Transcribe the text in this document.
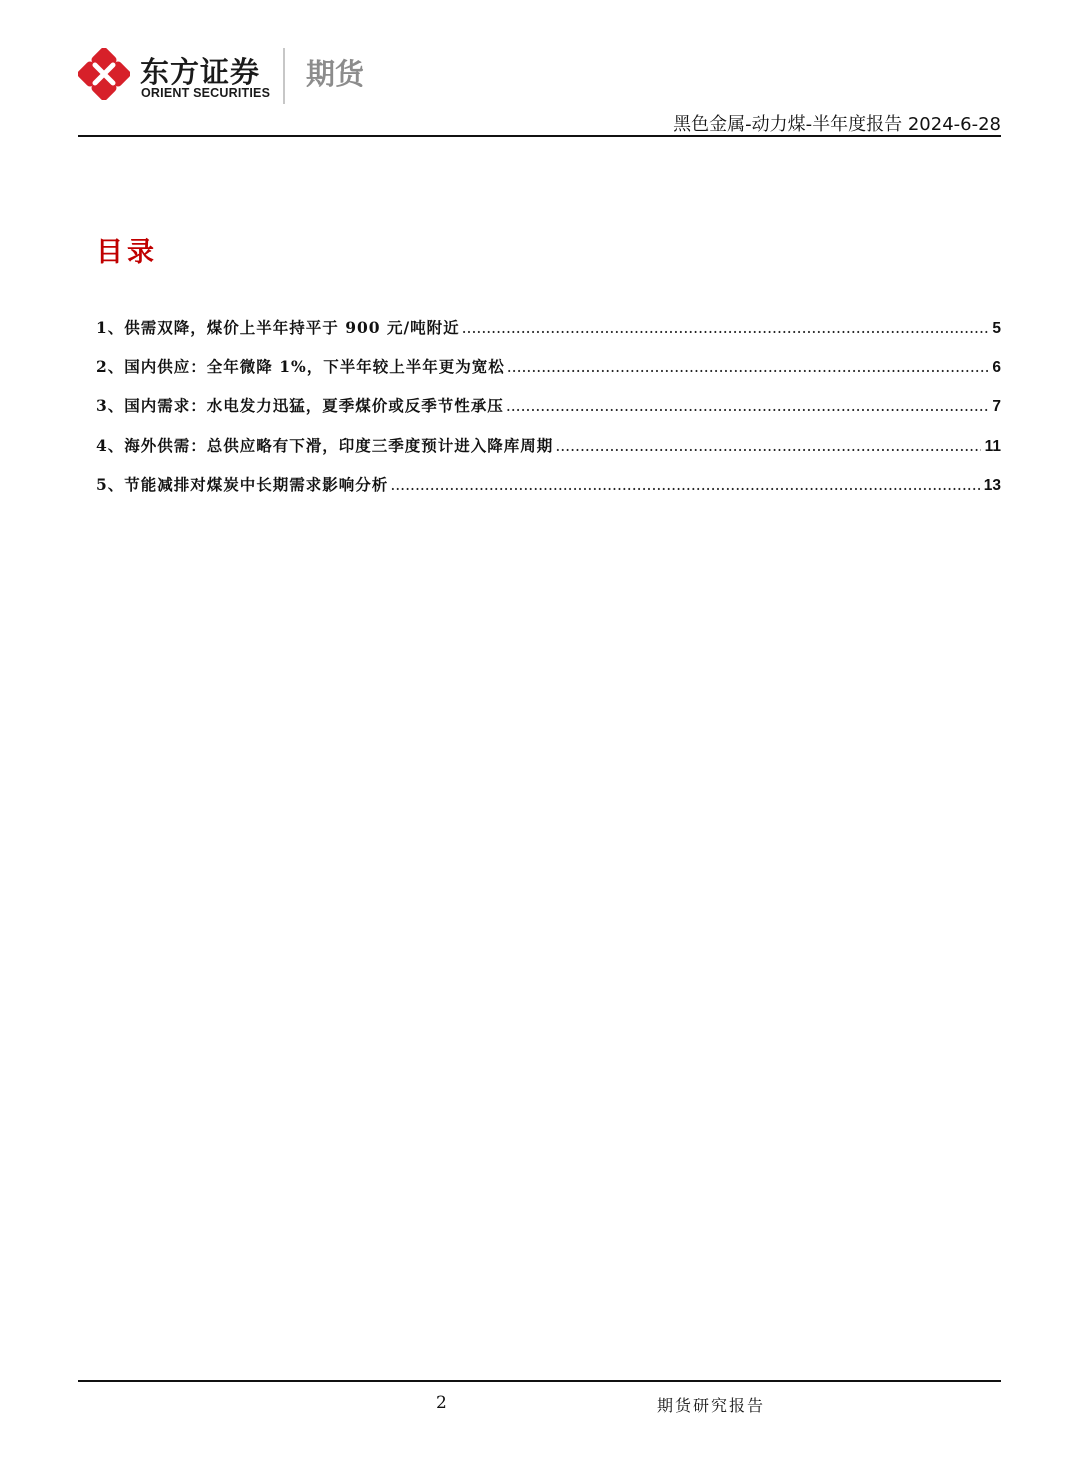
东方证券
ORIENT SECURITIES
期货
黑色金属-动力煤-半年度报告 2024-6-28
目录
1、 供需双降，煤价上半年持平于 900 元/吨附近 .....	5
2、 国内供应：全年微降 1%，下半年较上半年更为宽松 .....	6
3、 国内需求：水电发力迅猛，夏季煤价或反季节性承压 .....	7
4、 海外供需：总供应略有下滑，印度三季度预计进入降库周期 .....	11
5、 节能减排对煤炭中长期需求影响分析 .....	13
2	期货研究报告
